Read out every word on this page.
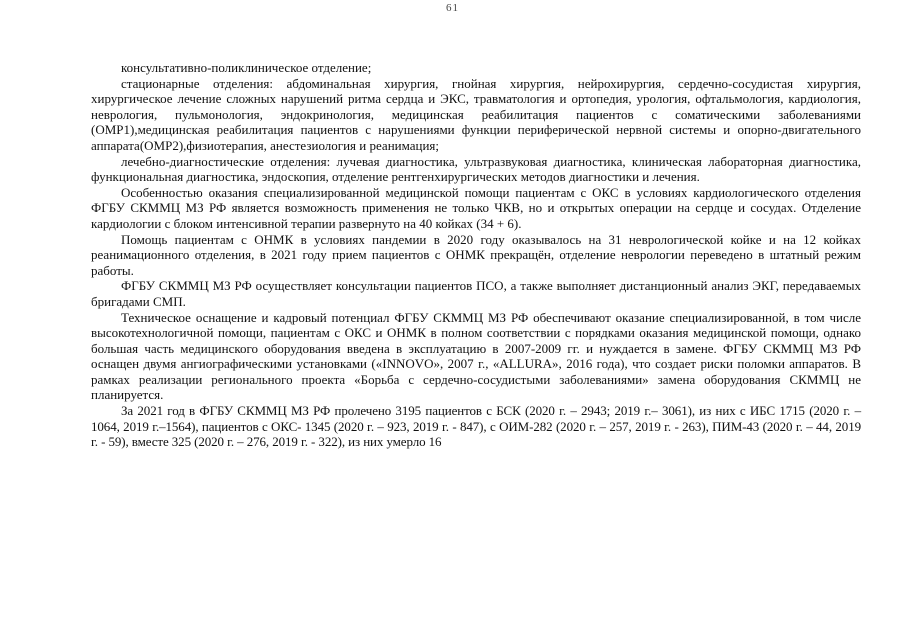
61

консультативно-поликлиническое отделение;

стационарные отделения: абдоминальная хирургия, гнойная хирургия, нейрохирургия, сердечно-сосудистая хирургия, хирургическое лечение сложных нарушений ритма сердца и ЭКС, травматология и ортопедия, урология, офтальмология, кардиология, неврология, пульмонология, эндокринология, медицинская реабилитация пациентов с соматическими заболеваниями (ОМР1),медицинская реабилитация пациентов с нарушениями функции периферической нервной системы и опорно-двигательного аппарата(ОМР2),физиотерапия, анестезиология и реанимация;

лечебно-диагностические отделения: лучевая диагностика, ультразвуковая диагностика, клиническая лабораторная диагностика, функциональная диагностика, эндоскопия, отделение рентгенхирургических методов диагностики и лечения.

Особенностью оказания специализированной медицинской помощи пациентам с ОКС в условиях кардиологического отделения ФГБУ СКММЦ МЗ РФ является возможность применения не только ЧКВ, но и открытых операции на сердце и сосудах. Отделение кардиологии с блоком интенсивной терапии развернуто на 40 койках (34 + 6).

Помощь пациентам с ОНМК в условиях пандемии в 2020 году оказывалось на 31 неврологической койке и на 12 койках реанимационного отделения, в 2021 году прием пациентов с ОНМК прекращён, отделение неврологии переведено в штатный режим работы.

ФГБУ СКММЦ МЗ РФ осуществляет консультации пациентов ПСО, а также выполняет дистанционный анализ ЭКГ, передаваемых бригадами СМП.

Техническое оснащение и кадровый потенциал ФГБУ СКММЦ МЗ РФ обеспечивают оказание специализированной, в том числе высокотехнологичной помощи, пациентам с ОКС и ОНМК в полном соответствии с порядками оказания медицинской помощи, однако большая часть медицинского оборудования введена в эксплуатацию в 2007-2009 гг. и нуждается в замене. ФГБУ СКММЦ МЗ РФ оснащен двумя ангиографическими установками («INNOVO», 2007 г., «ALLURA», 2016 года), что создает риски поломки аппаратов. В рамках реализации регионального проекта «Борьба с сердечно-сосудистыми заболеваниями» замена оборудования СКММЦ не планируется.

За 2021 год в ФГБУ СКММЦ МЗ РФ пролечено 3195 пациентов с БСК (2020 г. – 2943; 2019 г.– 3061), из них с ИБС 1715 (2020 г. – 1064, 2019 г.–1564), пациентов с ОКС- 1345 (2020 г. – 923, 2019 г. - 847), с ОИМ-282 (2020 г. – 257, 2019 г. - 263), ПИМ-43 (2020 г. – 44, 2019 г. - 59), вместе 325 (2020 г. – 276, 2019 г. - 322), из них умерло 16
